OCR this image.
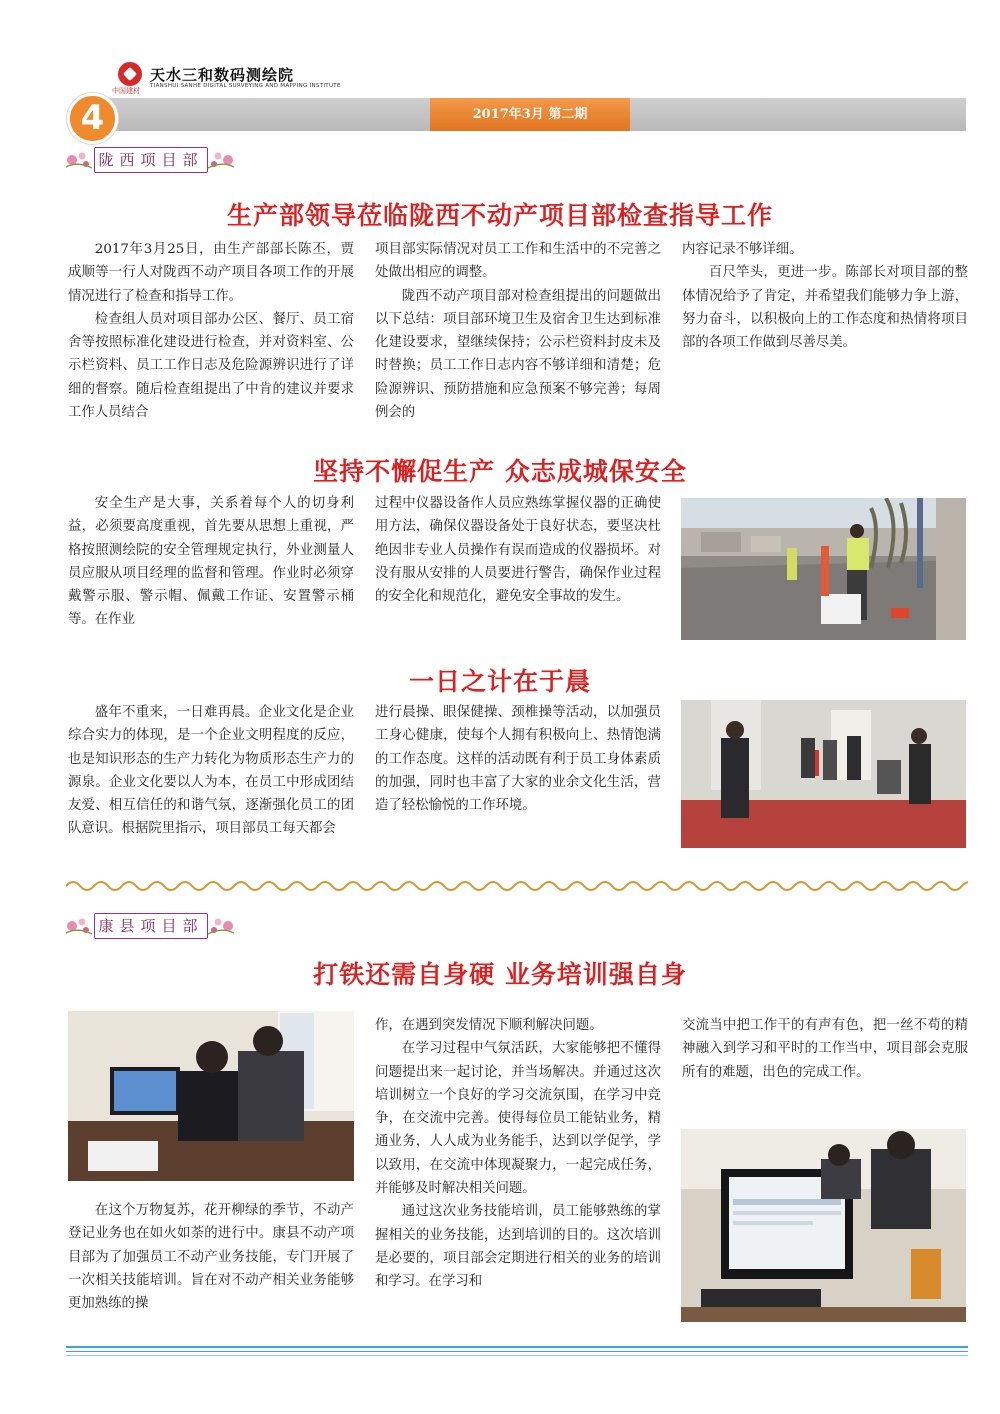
中国建材
天水三和数码测绘院
TIANSHUI SANHE DIGITAL SURVEYING AND MAPPING INSTITUTE
2017年3月 第二期
4
陇西项目部
生产部领导莅临陇西不动产项目部检查指导工作

2017年3月25日，由生产部部长陈丕，贾成顺等一行人对陇西不动产项目各项工作的开展情况进行了检查和指导工作。

检查组人员对项目部办公区、餐厅、员工宿舍等按照标准化建设进行检查，并对资料室、公示栏资料、员工工作日志及危险源辨识进行了详细的督察。随后检查组提出了中肯的建议并要求工作人员结合

项目部实际情况对员工工作和生活中的不完善之处做出相应的调整。

陇西不动产项目部对检查组提出的问题做出以下总结：项目部环境卫生及宿舍卫生达到标准化建设要求，望继续保持；公示栏资料封皮未及时替换；员工工作日志内容不够详细和清楚；危险源辨识、预防措施和应急预案不够完善；每周例会的

内容记录不够详细。

百尺竿头，更进一步。陈部长对项目部的整体情况给予了肯定，并希望我们能够力争上游，努力奋斗，以积极向上的工作态度和热情将项目部的各项工作做到尽善尽美。

坚持不懈促生产 众志成城保安全

安全生产是大事，关系着每个人的切身利益，必须要高度重视，首先要从思想上重视，严格按照测绘院的安全管理规定执行，外业测量人员应服从项目经理的监督和管理。作业时必须穿戴警示服、警示帽、佩戴工作证、安置警示桶等。在作业

过程中仪器设备作人员应熟练掌握仪器的正确使用方法，确保仪器设备处于良好状态，要坚决杜绝因非专业人员操作有误而造成的仪器损坏。对没有服从安排的人员要进行警告，确保作业过程的安全化和规范化，避免安全事故的发生。

一日之计在于晨

盛年不重来，一日难再晨。企业文化是企业综合实力的体现，是一个企业文明程度的反应，也是知识形态的生产力转化为物质形态生产力的源泉。企业文化要以人为本，在员工中形成团结友爱、相互信任的和谐气氛，逐渐强化员工的团队意识。根据院里指示，项目部员工每天都会

进行晨操、眼保健操、颈椎操等活动，以加强员工身心健康，使每个人拥有积极向上、热情饱满的工作态度。这样的活动既有利于员工身体素质的加强，同时也丰富了大家的业余文化生活，营造了轻松愉悦的工作环境。

康县项目部
打铁还需自身硬 业务培训强自身

在这个万物复苏，花开柳绿的季节，不动产登记业务也在如火如荼的进行中。康县不动产项目部为了加强员工不动产业务技能，专门开展了一次相关技能培训。旨在对不动产相关业务能够更加熟练的操

作，在遇到突发情况下顺利解决问题。

在学习过程中气氛活跃，大家能够把不懂得问题提出来一起讨论，并当场解决。并通过这次培训树立一个良好的学习交流氛围，在学习中竞争，在交流中完善。使得每位员工能钻业务，精通业务，人人成为业务能手，达到以学促学，学以致用，在交流中体现凝聚力，一起完成任务，并能够及时解决相关问题。

通过这次业务技能培训，员工能够熟练的掌握相关的业务技能，达到培训的目的。这次培训是必要的，项目部会定期进行相关的业务的培训和学习。在学习和

交流当中把工作干的有声有色，把一丝不苟的精神融入到学习和平时的工作当中，项目部会克服所有的难题，出色的完成工作。
